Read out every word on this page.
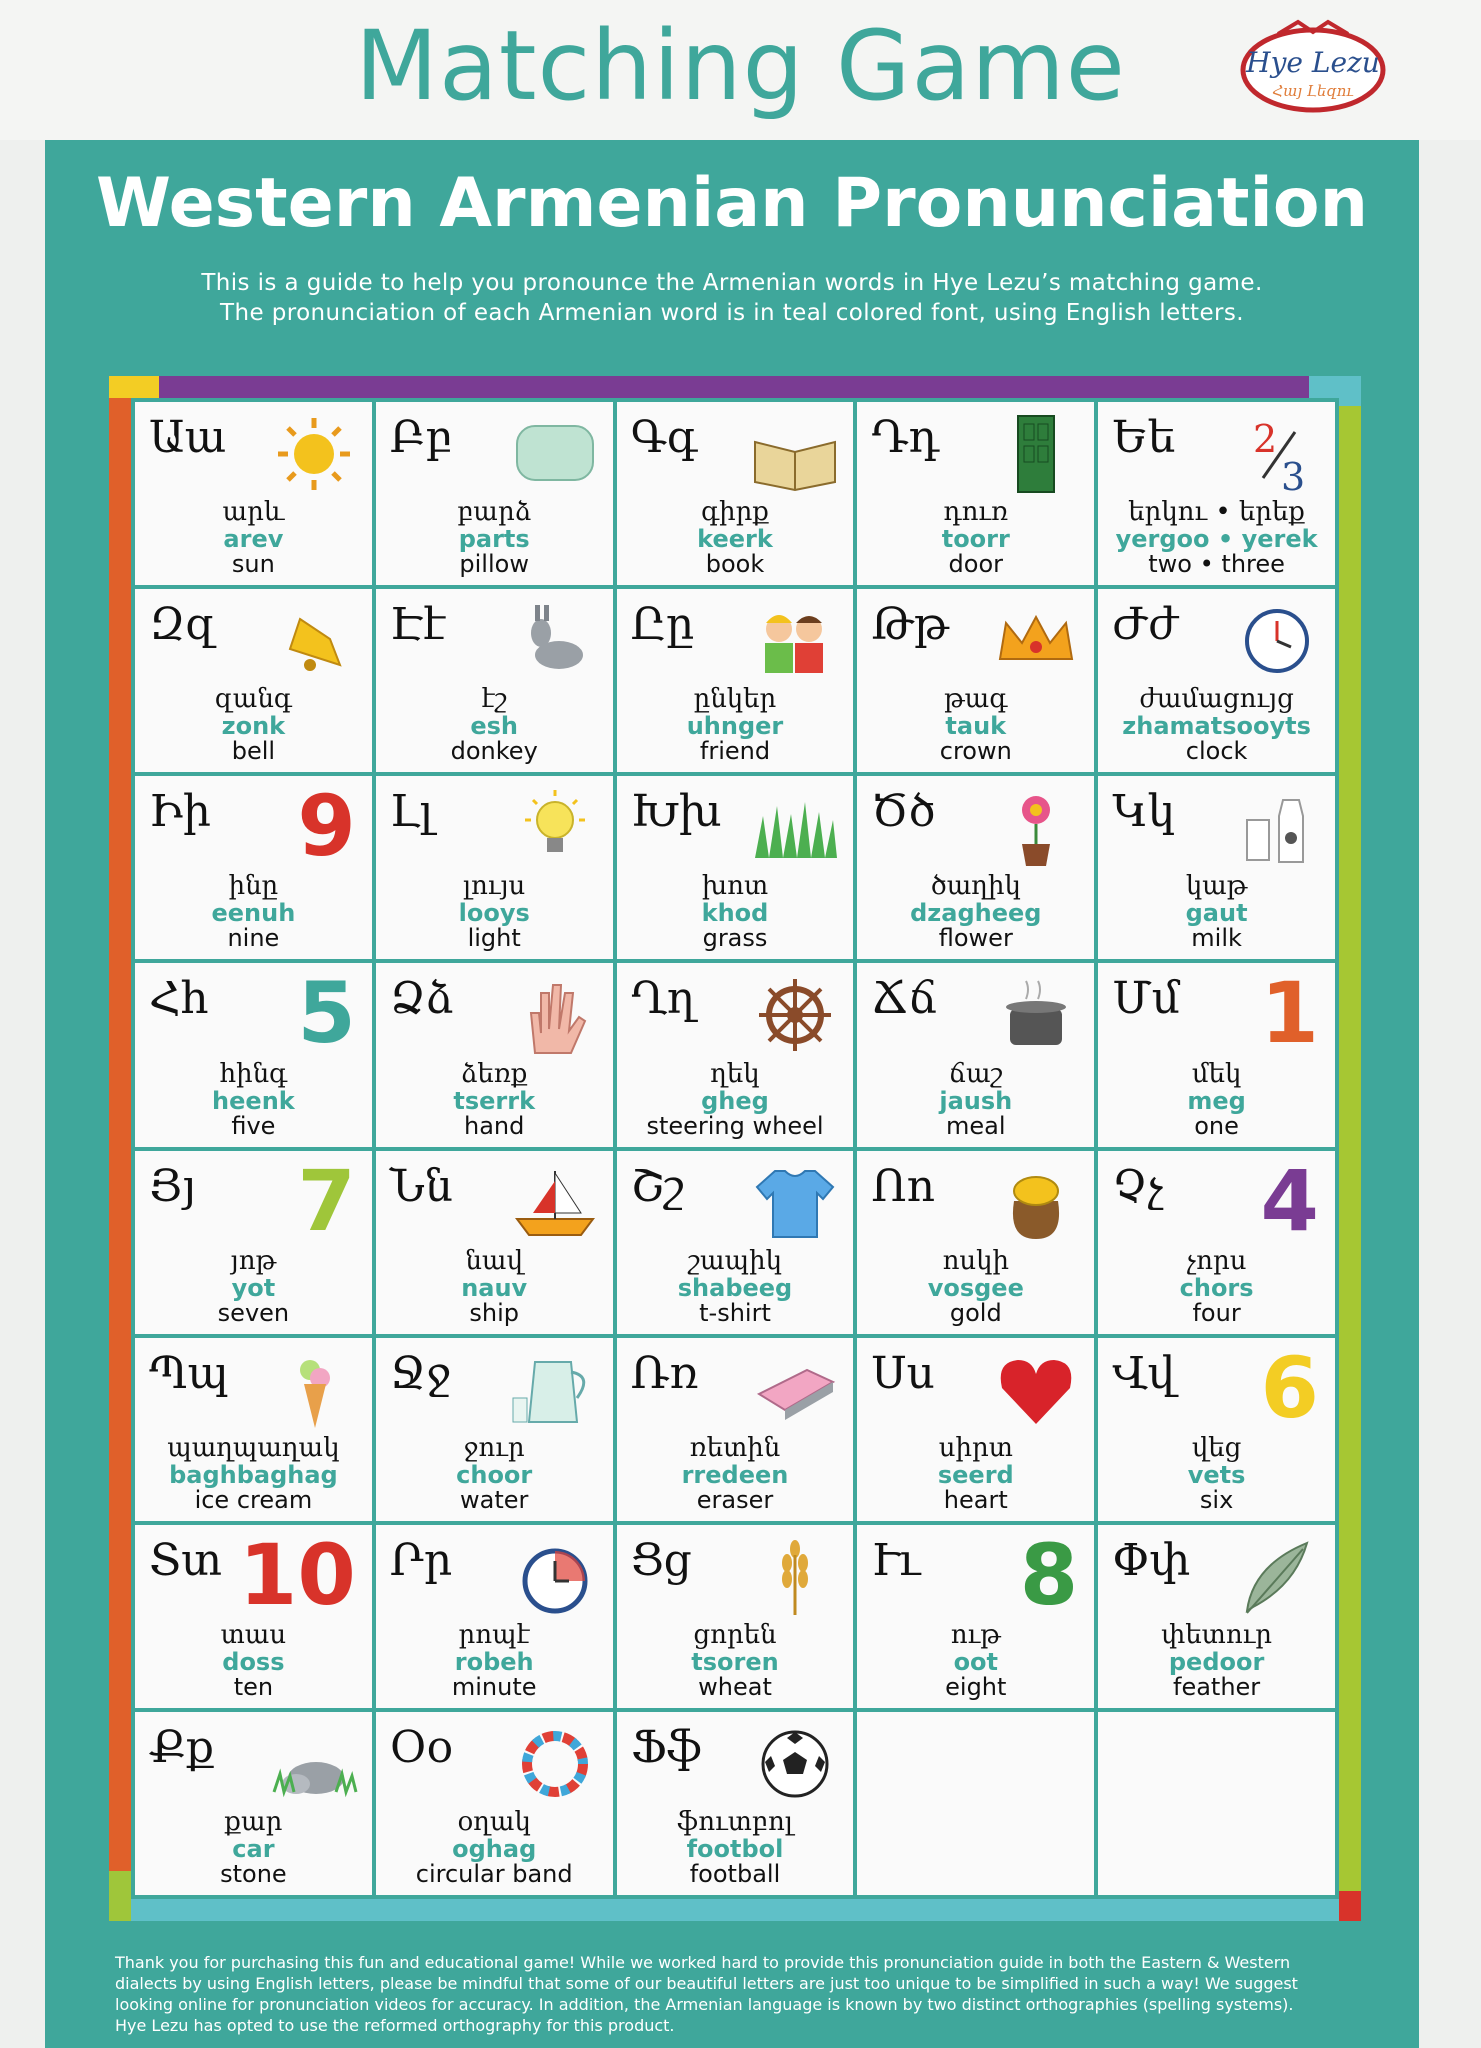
Matching Game	Hye Lezu
Հայ Լեզու
Western Armenian Pronunciation
This is a guide to help you pronounce the Armenian words in Hye Lezu’s matching game.
The pronunciation of each Armenian word is in teal colored font, using English letters.
Աա
արև
arev
sun
Բբ
բարձ
parts
pillow
Գգ
գիրք
keerk
book
Դդ
դուռ
toorr
door
Եե 2
3
երկու • երեք
yergoo • yerek
two • three
Զզ
զանգ
zonk
bell
Էէ
էշ
esh
donkey
Ըը
ընկեր
uhnger
friend
Թթ
թագ
tauk
crown
Ժժ
ժամացույց
zhamatsooyts
clock
Իի 9
ինը
eenuh
nine
Լլ
լույս
looys
light
Խխ
խոտ
khod
grass
Ծծ
ծաղիկ
dzagheeg
flower
Կկ
կաթ
gaut
milk
Հհ 5
հինգ
heenk
five
Ձձ
ձեռք
tserrk
hand
Ղղ
ղեկ
gheg
steering wheel
Ճճ
ճաշ
jaush
meal
Մմ 1
մեկ
meg
one
Յյ 7
յոթ
yot
seven
Նն
նավ
nauv
ship
Շշ
շապիկ
shabeeg
t-shirt
Ոո
ոսկի
vosgee
gold
Չչ 4
չորս
chors
four
Պպ
պաղպաղակ
baghbaghag
ice cream
Ջջ
ջուր
choor
water
Ռռ
ռետին
rredeen
eraser
Սս
սիրտ
seerd
heart
Վվ 6
վեց
vets
six
Տտ 10
տաս
doss
ten
Րր
րոպէ
robeh
minute
Ցց
ցորեն
tsoren
wheat
Ււ 8
ութ
oot
eight
Փփ
փետուր
pedoor
feather
Քք
քար
car
stone
Օօ
օղակ
oghag
circular band
Ֆֆ
ֆուտբոլ
footbol
football
Thank you for purchasing this fun and educational game! While we worked hard to provide this pronunciation guide in both the Eastern & Western
dialects by using English letters, please be mindful that some of our beautiful letters are just too unique to be simplified in such a way! We suggest
looking online for pronunciation videos for accuracy. In addition, the Armenian language is known by two distinct orthographies (spelling systems).
Hye Lezu has opted to use the reformed orthography for this product.
